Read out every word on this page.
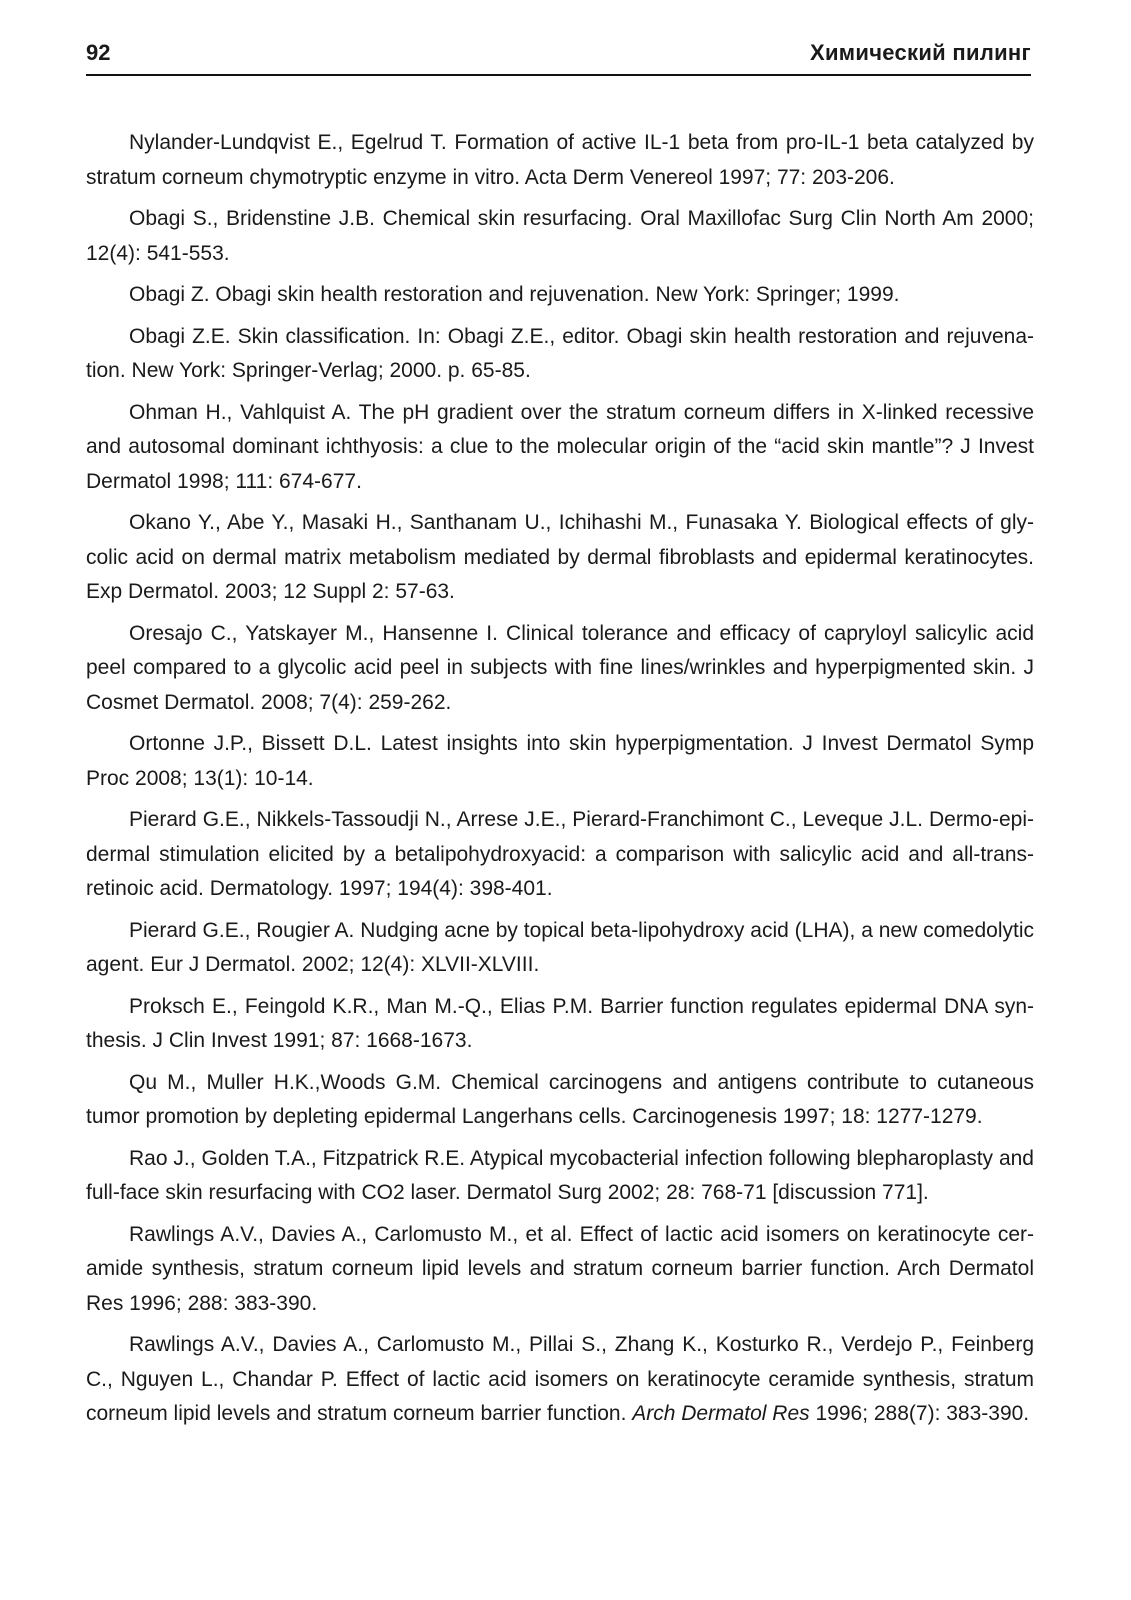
92	Химический пилинг

Nylander-Lundqvist E., Egelrud T. Formation of active IL-1 beta from pro-IL-1 beta catalyzed by stratum corneum chymotryptic enzyme in vitro. Acta Derm Venereol 1997; 77: 203-206.

Obagi S., Bridenstine J.B. Chemical skin resurfacing. Oral Maxillofac Surg Clin North Am 2000; 12(4): 541-553.

Obagi Z. Obagi skin health restoration and rejuvenation. New York: Springer; 1999.

Obagi Z.E. Skin classification. In: Obagi Z.E., editor. Obagi skin health restoration and rejuvenation. New York: Springer-Verlag; 2000. p. 65-85.

Ohman H., Vahlquist A. The pH gradient over the stratum corneum differs in X-linked recessive and autosomal dominant ichthyosis: a clue to the molecular origin of the “acid skin mantle”? J Invest Dermatol 1998; 111: 674-677.

Okano Y., Abe Y., Masaki H., Santhanam U., Ichihashi M., Funasaka Y. Biological effects of glycolic acid on dermal matrix metabolism mediated by dermal fibroblasts and epidermal keratinocytes. Exp Dermatol. 2003; 12 Suppl 2: 57-63.

Oresajo C., Yatskayer M., Hansenne I. Clinical tolerance and efficacy of capryloyl salicylic acid peel compared to a glycolic acid peel in subjects with fine lines/wrinkles and hyperpigmented skin. J Cosmet Dermatol. 2008; 7(4): 259-262.

Ortonne J.P., Bissett D.L. Latest insights into skin hyperpigmentation. J Invest Dermatol Symp Proc 2008; 13(1): 10-14.

Pierard G.E., Nikkels-Tassoudji N., Arrese J.E., Pierard-Franchimont C., Leveque J.L. Dermo-epidermal stimulation elicited by a betalipohydroxyacid: a comparison with salicylic acid and all-transretinoic acid. Dermatology. 1997; 194(4): 398-401.

Pierard G.E., Rougier A. Nudging acne by topical beta-lipohydroxy acid (LHA), a new comedolytic agent. Eur J Dermatol. 2002; 12(4): XLVII-XLVIII.

Proksch E., Feingold K.R., Man M.-Q., Elias P.M. Barrier function regulates epidermal DNA synthesis. J Clin Invest 1991; 87: 1668-1673.

Qu M., Muller H.K.,Woods G.M. Chemical carcinogens and antigens contribute to cutaneous tumor promotion by depleting epidermal Langerhans cells. Carcinogenesis 1997; 18: 1277-1279.

Rao J., Golden T.A., Fitzpatrick R.E. Atypical mycobacterial infection following blepharoplasty and full-face skin resurfacing with CO2 laser. Dermatol Surg 2002; 28: 768-71 [discussion 771].

Rawlings A.V., Davies A., Carlomusto M., et al. Effect of lactic acid isomers on keratinocyte ceramide synthesis, stratum corneum lipid levels and stratum corneum barrier function. Arch Dermatol Res 1996; 288: 383-390.

Rawlings A.V., Davies A., Carlomusto M., Pillai S., Zhang K., Kosturko R., Verdejo P., Feinberg C., Nguyen L., Chandar P. Effect of lactic acid isomers on keratinocyte ceramide synthesis, stratum corneum lipid levels and stratum corneum barrier function. Arch Dermatol Res 1996; 288(7): 383-390.
